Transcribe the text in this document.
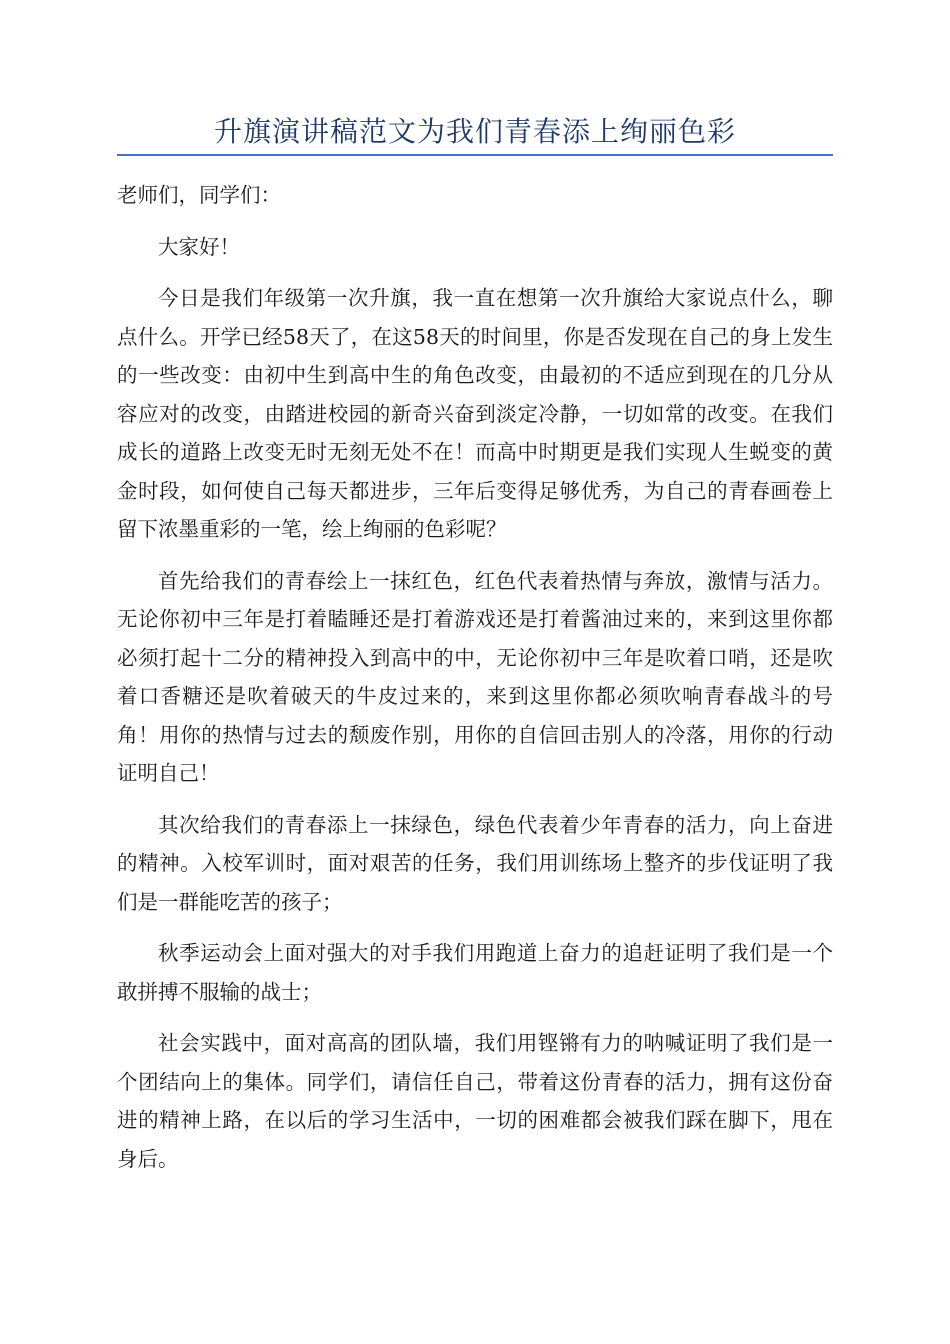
升旗演讲稿范文为我们青春添上绚丽色彩

老师们，同学们：

大家好！

今日是我们年级第一次升旗，我一直在想第一次升旗给大家说点什么，聊点什么。开学已经58天了，在这58天的时间里，你是否发现在自己的身上发生的一些改变：由初中生到高中生的角色改变，由最初的不适应到现在的几分从容应对的改变，由踏进校园的新奇兴奋到淡定冷静，一切如常的改变。在我们成长的道路上改变无时无刻无处不在！而高中时期更是我们实现人生蜕变的黄金时段，如何使自己每天都进步，三年后变得足够优秀，为自己的青春画卷上留下浓墨重彩的一笔，绘上绚丽的色彩呢？

首先给我们的青春绘上一抹红色，红色代表着热情与奔放，激情与活力。无论你初中三年是打着瞌睡还是打着游戏还是打着酱油过来的，来到这里你都必须打起十二分的精神投入到高中的中，无论你初中三年是吹着口哨，还是吹着口香糖还是吹着破天的牛皮过来的，来到这里你都必须吹响青春战斗的号角！用你的热情与过去的颓废作别，用你的自信回击别人的冷落，用你的行动证明自己！

其次给我们的青春添上一抹绿色，绿色代表着少年青春的活力，向上奋进的精神。入校军训时，面对艰苦的任务，我们用训练场上整齐的步伐证明了我们是一群能吃苦的孩子；

秋季运动会上面对强大的对手我们用跑道上奋力的追赶证明了我们是一个敢拼搏不服输的战士；

社会实践中，面对高高的团队墙，我们用铿锵有力的呐喊证明了我们是一个团结向上的集体。同学们，请信任自己，带着这份青春的活力，拥有这份奋进的精神上路，在以后的学习生活中，一切的困难都会被我们踩在脚下，甩在身后。
